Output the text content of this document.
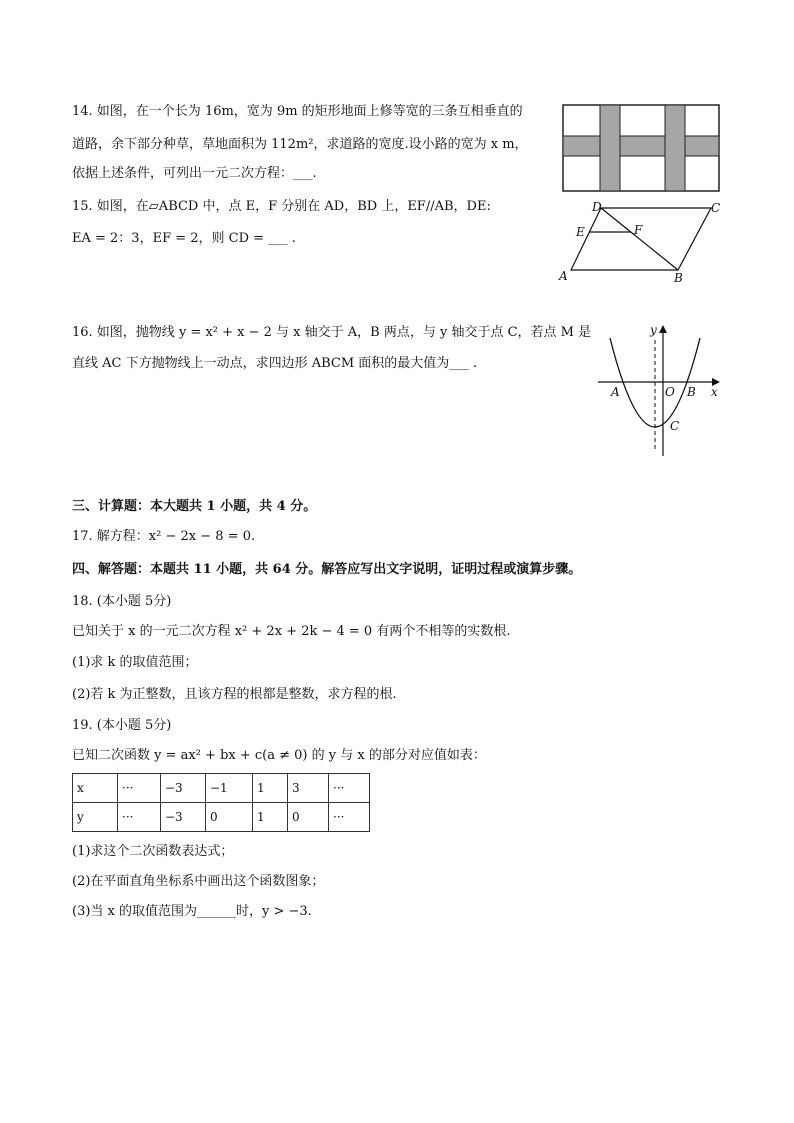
14. 如图，在一个长为 16m，宽为 9m 的矩形地面上修等宽的三条互相垂直的
道路，余下部分种草，草地面积为 112m²，求道路的宽度.设小路的宽为 x m，
依据上述条件，可列出一元二次方程：___.
15. 如图，在▱ABCD 中，点 E，F 分别在 AD，BD 上，EF//AB，DE:
EA = 2：3，EF = 2，则 CD = ___ .
D	C
E	F
A	B
16. 如图，抛物线 y = x² + x − 2 与 x 轴交于 A，B 两点，与 y 轴交于点 C，若点 M 是
直线 AC 下方抛物线上一动点，求四边形 ABCM 面积的最大值为___ .
y
x
A	O B
C
三、计算题：本大题共 1 小题，共 4 分。
17. 解方程：x² − 2x − 8 = 0.
四、解答题：本题共 11 小题，共 64 分。解答应写出文字说明，证明过程或演算步骤。
18. (本小题 5分)
已知关于 x 的一元二次方程 x² + 2x + 2k − 4 = 0 有两个不相等的实数根.
(1)求 k 的取值范围；
(2)若 k 为正整数，且该方程的根都是整数，求方程的根.
19. (本小题 5分)
已知二次函数 y = ax² + bx + c(a ≠ 0) 的 y 与 x 的部分对应值如表：
x	···	−3	−1	1	3	···
y	···	−3	0	1	0	···
(1)求这个二次函数表达式；
(2)在平面直角坐标系中画出这个函数图象；
(3)当 x 的取值范围为______时，y > −3.
